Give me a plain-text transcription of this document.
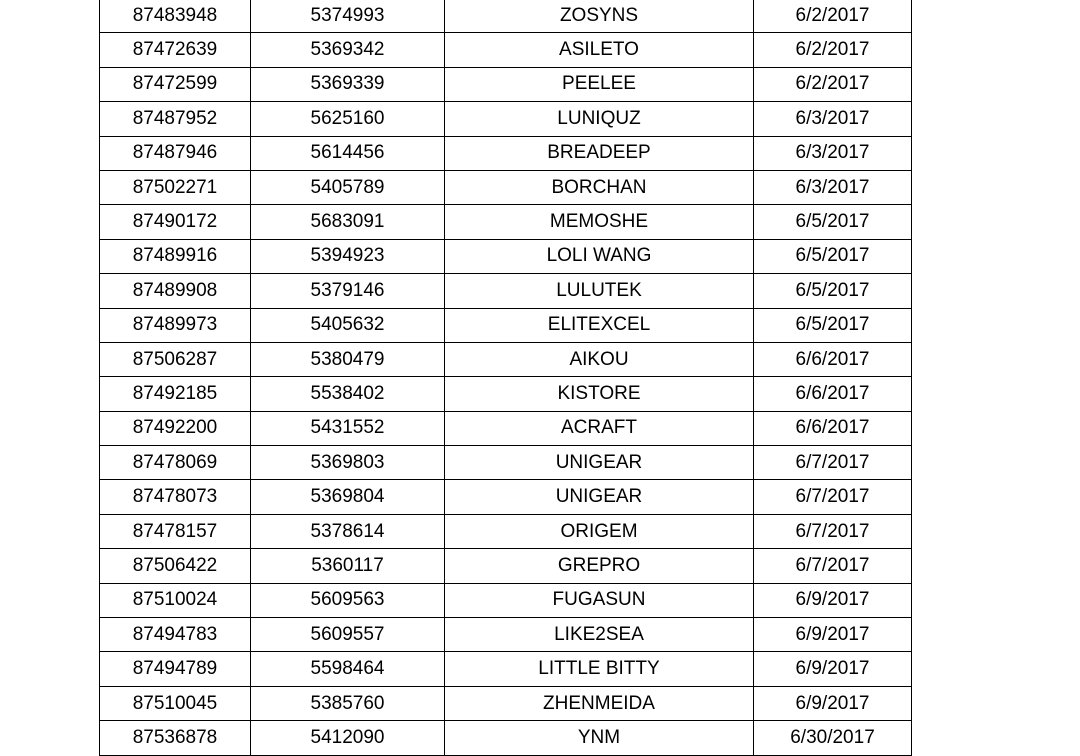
87483948	5374993	ZOSYNS	6/2/2017
87472639	5369342	ASILETO	6/2/2017
87472599	5369339	PEELEE	6/2/2017
87487952	5625160	LUNIQUZ	6/3/2017
87487946	5614456	BREADEEP	6/3/2017
87502271	5405789	BORCHAN	6/3/2017
87490172	5683091	MEMOSHE	6/5/2017
87489916	5394923	LOLI WANG	6/5/2017
87489908	5379146	LULUTEK	6/5/2017
87489973	5405632	ELITEXCEL	6/5/2017
87506287	5380479	AIKOU	6/6/2017
87492185	5538402	KISTORE	6/6/2017
87492200	5431552	ACRAFT	6/6/2017
87478069	5369803	UNIGEAR	6/7/2017
87478073	5369804	UNIGEAR	6/7/2017
87478157	5378614	ORIGEM	6/7/2017
87506422	5360117	GREPRO	6/7/2017
87510024	5609563	FUGASUN	6/9/2017
87494783	5609557	LIKE2SEA	6/9/2017
87494789	5598464	LITTLE BITTY	6/9/2017
87510045	5385760	ZHENMEIDA	6/9/2017
87536878	5412090	YNM	6/30/2017
